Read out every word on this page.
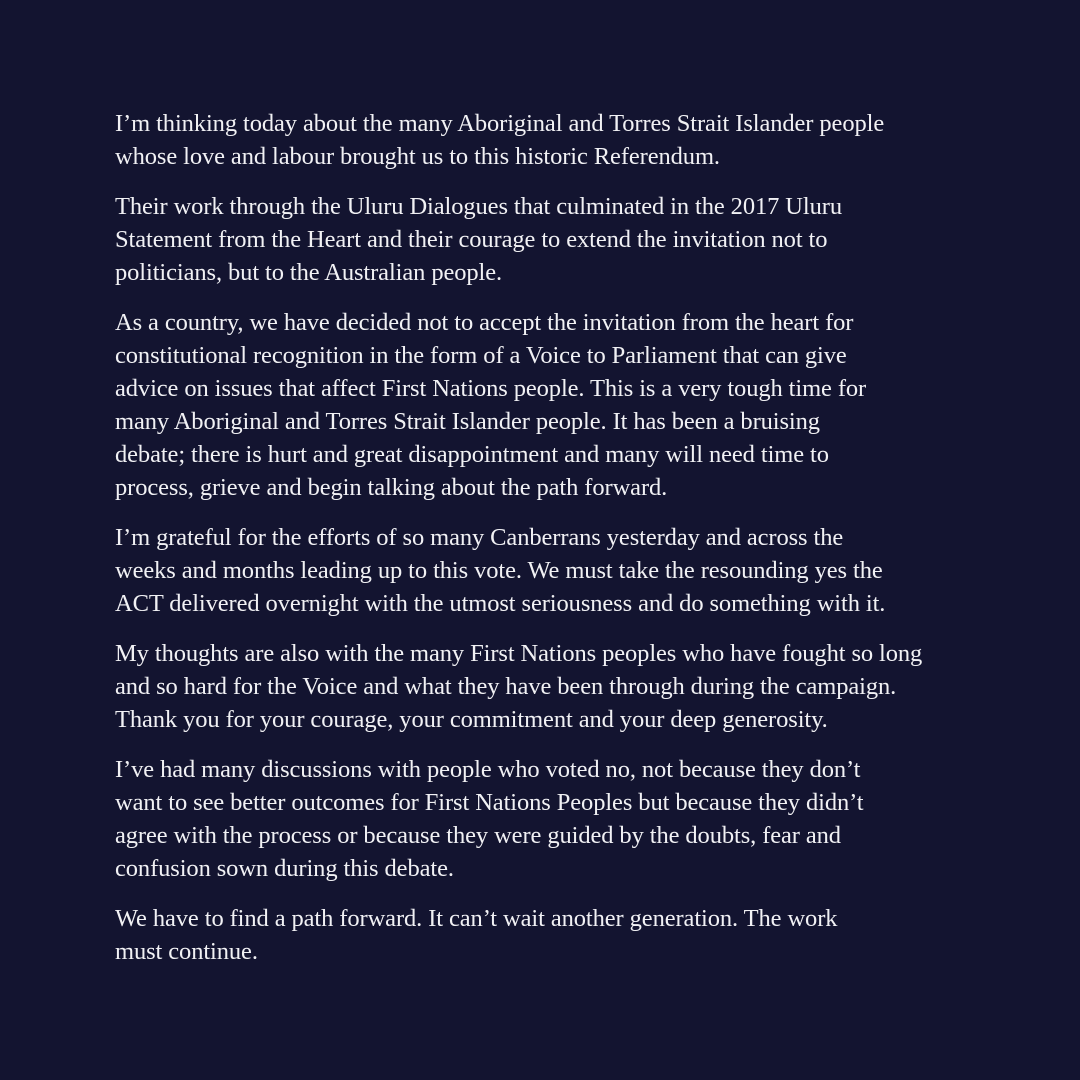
I’m thinking today about the many Aboriginal and Torres Strait Islander people
whose love and labour brought us to this historic Referendum.

Their work through the Uluru Dialogues that culminated in the 2017 Uluru
Statement from the Heart and their courage to extend the invitation not to
politicians, but to the Australian people.

As a country, we have decided not to accept the invitation from the heart for
constitutional recognition in the form of a Voice to Parliament that can give
advice on issues that affect First Nations people. This is a very tough time for
many Aboriginal and Torres Strait Islander people. It has been a bruising
debate; there is hurt and great disappointment and many will need time to
process, grieve and begin talking about the path forward.

I’m grateful for the efforts of so many Canberrans yesterday and across the
weeks and months leading up to this vote. We must take the resounding yes the
ACT delivered overnight with the utmost seriousness and do something with it.

My thoughts are also with the many First Nations peoples who have fought so long
and so hard for the Voice and what they have been through during the campaign.
Thank you for your courage, your commitment and your deep generosity.

I’ve had many discussions with people who voted no, not because they don’t
want to see better outcomes for First Nations Peoples but because they didn’t
agree with the process or because they were guided by the doubts, fear and
confusion sown during this debate.

We have to find a path forward. It can’t wait another generation. The work
must continue.
